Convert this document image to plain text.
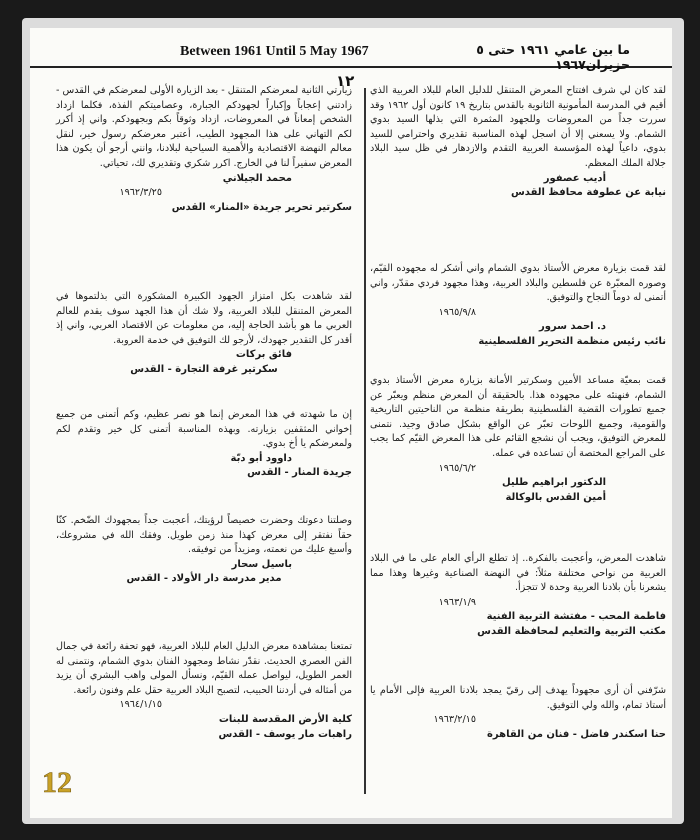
Between 1961 Until 5 May 1967	ما بين عامي ١٩٦١ حتى ٥ حزيران١٩٦٧
١٢

لقد كان لي شرف افتتاح المعرض المتنقل للدليل العام للبلاد العربية الذي أقيم في المدرسة المأمونية الثانوية بالقدس بتاريخ ١٩ كانون أول ١٩٦٢ وقد سررت جداً من المعروضات وللجهود المثمرة التي بذلها السيد بدوي الشمام. ولا يسعني إلا أن اسجل لهذه المناسبة تقديري واحترامي للسيد بدوي، داعياً لهذه المؤسسة العربية التقدم والازدهار في ظل سيد البلاد جلالة الملك المعظم.

أديب عصفور

نيابة عن عطوفة محافظ القدس

لقد قمت بزيارة معرض الأستاذ بدوي الشمام واني أشكر له مجهوده القيّم، وصوره المعبّرة عن فلسطين والبلاد العربية، وهذا مجهود فردي مقدّر، واني أتمنى له دوماً النجاح والتوفيق.

١٩٦٥/٩/٨

د. احمد سرور

نائب رئيس منظمة التحرير الفلسطينية

قمت بمعيّة مساعد الأمين وسكرتير الأمانة بزيارة معرض الأستاذ بدوي الشمام، فنهنئه على مجهوده هذا. بالحقيقة أن المعرض منظم ويعبّر عن جميع تطورات القضية الفلسطينية بطريقة منظمة من الناحيتين التاريخية والقومية، وجميع اللوحات تعبّر عن الواقع بشكل صادق وجيد. نتمنى للمعرض التوفيق، ويجب أن نشجع القائم على هذا المعرض القيّم كما يجب على المراجع المختصة أن تساعده في عمله.

١٩٦٥/٦/٢

الدكتور ابراهيم طليل

أمين القدس بالوكالة

شاهدت المعرض، وأعجبت بالفكرة.. إذ تطلع الرأي العام على ما في البلاد العربية من نواحي مختلفة مثلاً: في النهضة الصناعية وغيرها وهذا مما يشعرنا بأن بلادنا العربية وحدة لا تتجزأ.

١٩٦٣/١/٩

فاطمة المحب - مفتشة التربية الفنية

مكتب التربية والتعليم لمحافظة القدس

شرّفني أن أرى مجهوداً يهدف إلى رقيّ يمجد بلادنا العربية فإلى الأمام يا أستاذ تمام، والله ولي التوفيق.

١٩٦٣/٢/١٥

حنا اسكندر فاضل - فنان من القاهرة

زيارتي الثانية لمعرضكم المتنقل - بعد الزيارة الأولى لمعرضكم في القدس - زادتني إعجاباً وإكباراً لجهودكم الجبارة، وعصاميتكم الفذة، فكلما ازداد الشخص إمعاناً في المعروضات، ازداد وثوقاً بكم وبجهودكم. واني إذ أكرر لكم التهاني على هذا المجهود الطيب، أعتبر معرضكم رسول خير، لنقل معالم النهضة الاقتصادية والأهمية السياحية لبلادنا، وانني أرجو أن يكون هذا المعرض سفيراً لنا في الخارج. اكرر شكري وتقديري لك، تحياتي.

محمد الجيلاني

١٩٦٢/٣/٢٥

سكرتير تحرير جريدة «المنار» القدس

لقد شاهدت بكل امتزاز الجهود الكبيرة المشكورة التي بذلتموها في المعرض المتنقل للبلاد العربية، ولا شك أن هذا الجهد سوف يقدم للعالم العربي ما هو بأشد الحاجة إليه، من معلومات عن الاقتصاد العربي، واني إذ أقدر كل التقدير جهودك، لأرجو لك التوفيق في خدمة العروبة.

فائق بركات

سكرتير غرفة التجارة - القدس

إن ما شهدته في هذا المعرض إنما هو نصر عظيم، وكم أتمنى من جميع إخواني المثقفين بزيارته. وبهذه المناسبة أتمنى كل خير وتقدم لكم ولمعرضكم يا أخ بدوي.

داوود أبو دبّة

جريدة المنار - القدس

وصلتنا دعوتك وحضرت خصيصاً لرؤيتك، أعجبت جداً بمجهودك الضّخم. كنّا حقاً نفتقر إلى معرض كهذا منذ زمن طويل. وفقك الله في مشروعك، وأسبغ عليك من نعمته، ومزيداً من توفيقه.

باسيل سحار

مدير مدرسة دار الأولاد - القدس

تمتعنا بمشاهدة معرض الدليل العام للبلاد العربية، فهو تحفة رائعة في جمال الفن العصري الحديث. نقدّر نشاط ومجهود الفنان بدوي الشمام، ونتمنى له العمر الطويل، ليواصل عمله القيّم، ونسأل المولى واهب البشري أن يزيد من أمثاله في أردننا الحبيب، لتصبح البلاد العربية حقل علم وفنون رائعة.

١٩٦٤/١/١٥

كلية الأرض المقدسة للبنات

راهبات مار يوسف - القدس

12
